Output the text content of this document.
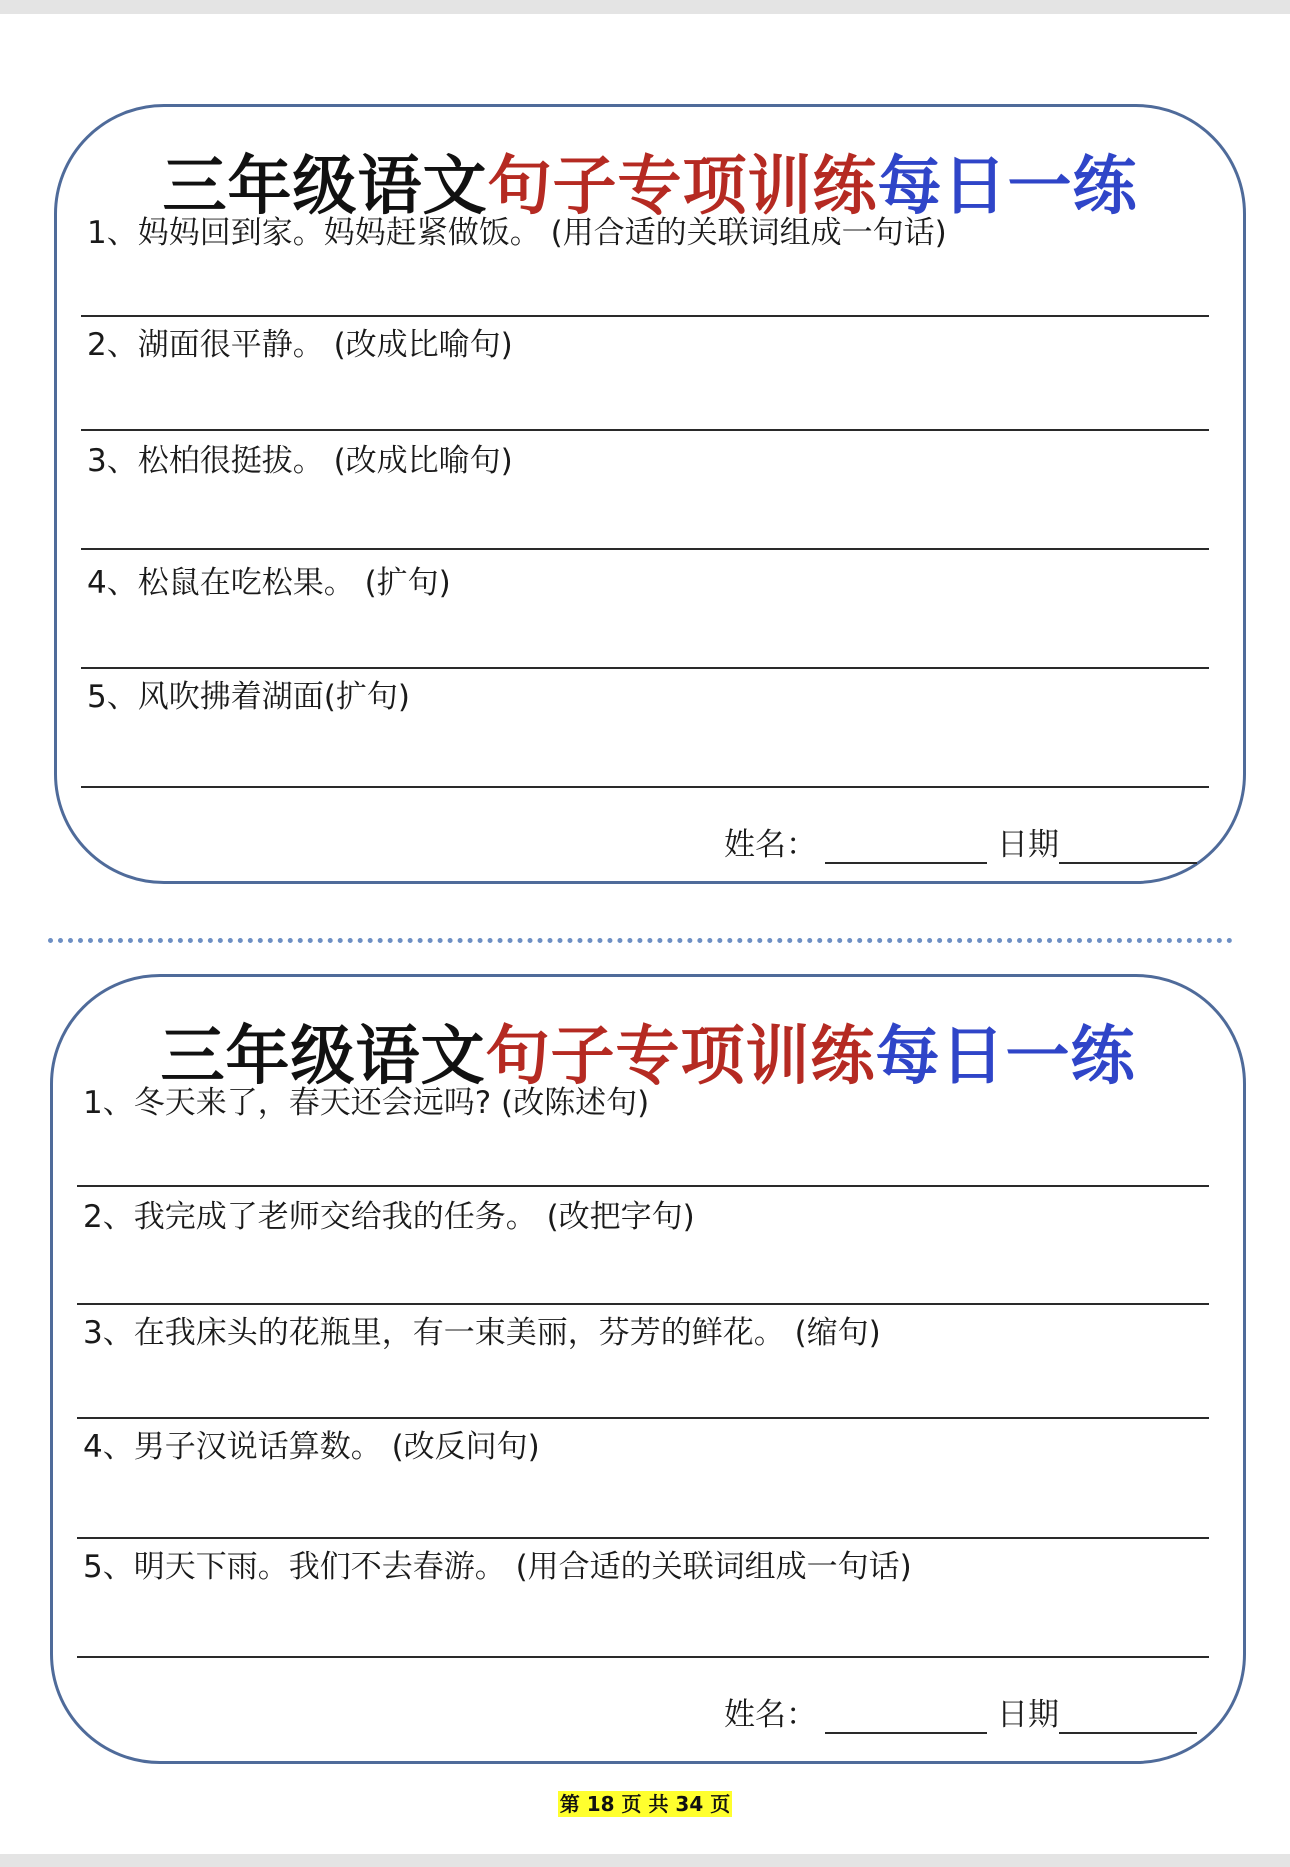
三年级语文句子专项训练每日一练
1、妈妈回到家。妈妈赶紧做饭。 (用合适的关联词组成一句话)
2、湖面很平静。 (改成比喻句)
3、松柏很挺拔。 (改成比喻句)
4、松鼠在吃松果。 (扩句)
5、风吹拂着湖面(扩句)
姓名：	日期
三年级语文句子专项训练每日一练
1、冬天来了，春天还会远吗? (改陈述句)
2、我完成了老师交给我的任务。 (改把字句)
3、在我床头的花瓶里，有一束美丽，芬芳的鲜花。 (缩句)
4、男子汉说话算数。 (改反问句)
5、明天下雨。我们不去春游。 (用合适的关联词组成一句话)
姓名：	日期
第 18 页 共 34 页
